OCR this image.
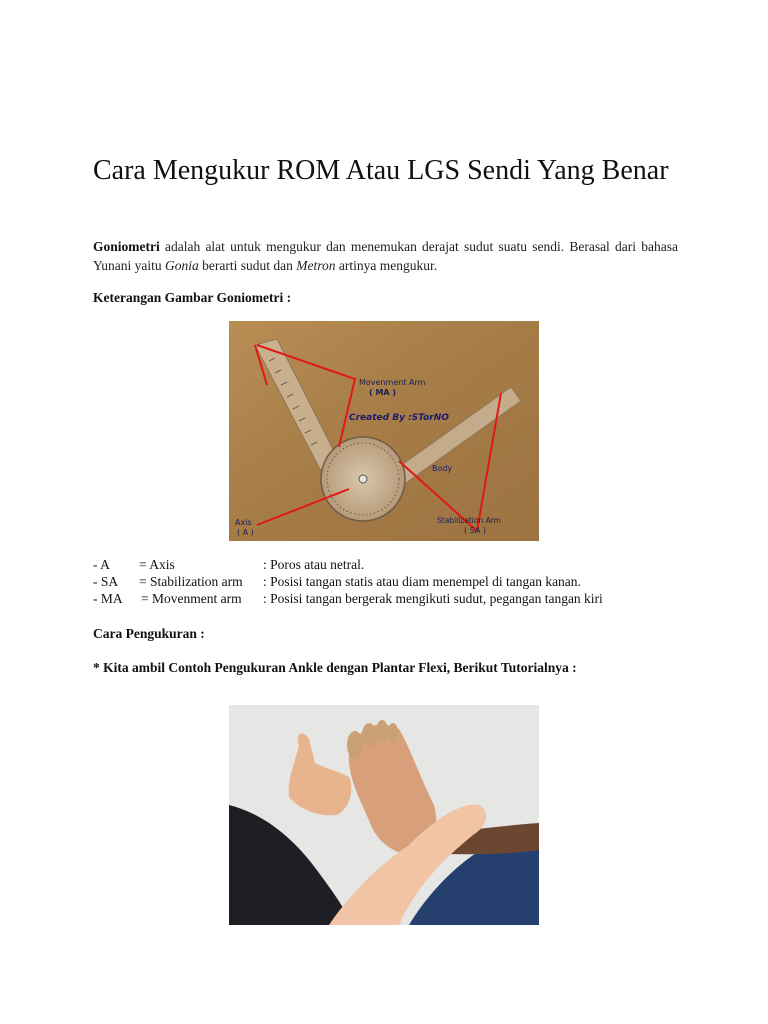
Cara Mengukur ROM Atau LGS Sendi Yang Benar

Goniometri adalah alat untuk mengukur dan menemukan derajat sudut suatu sendi. Berasal dari bahasa Yunani yaitu Gonia berarti sudut dan Metron artinya mengukur.

Keterangan Gambar Goniometri :

Movenment Arm
( MA )
Created By :STorNO
Body
Stabilization Arm
( SA )
Axis
( A )
- A = Axis	: Poros atau netral.
- SA = Stabilization arm : Posisi tangan statis atau diam menempel di tangan kanan.
- MA = Movenment arm : Posisi tangan bergerak mengikuti sudut, pegangan tangan kiri

Cara Pengukuran :

* Kita ambil Contoh Pengukuran Ankle dengan Plantar Flexi, Berikut Tutorialnya :
